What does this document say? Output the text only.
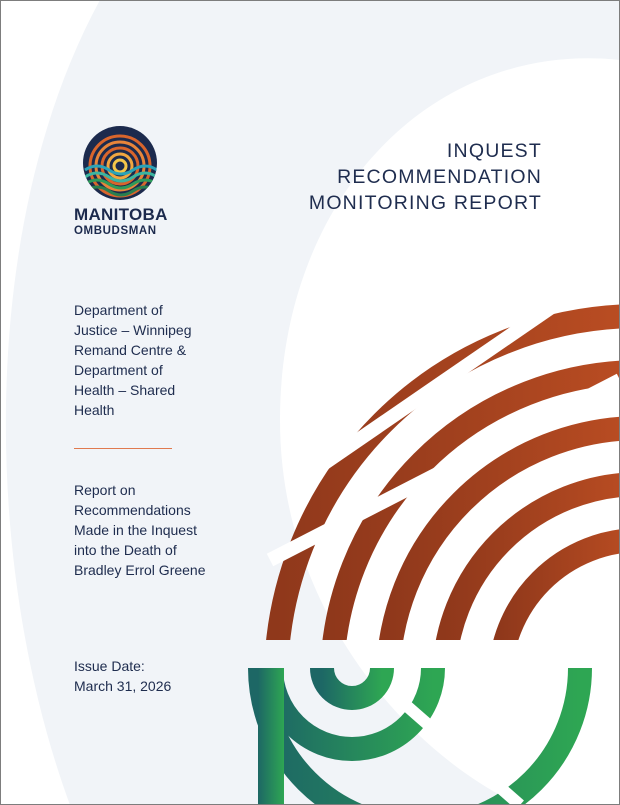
MANITOBA
OMBUDSMAN
INQUEST
RECOMMENDATION
MONITORING REPORT
Department of
Justice – Winnipeg
Remand Centre &
Department of
Health – Shared
Health
Report on
Recommendations
Made in the Inquest
into the Death of
Bradley Errol Greene
Issue Date:
March 31, 2026
